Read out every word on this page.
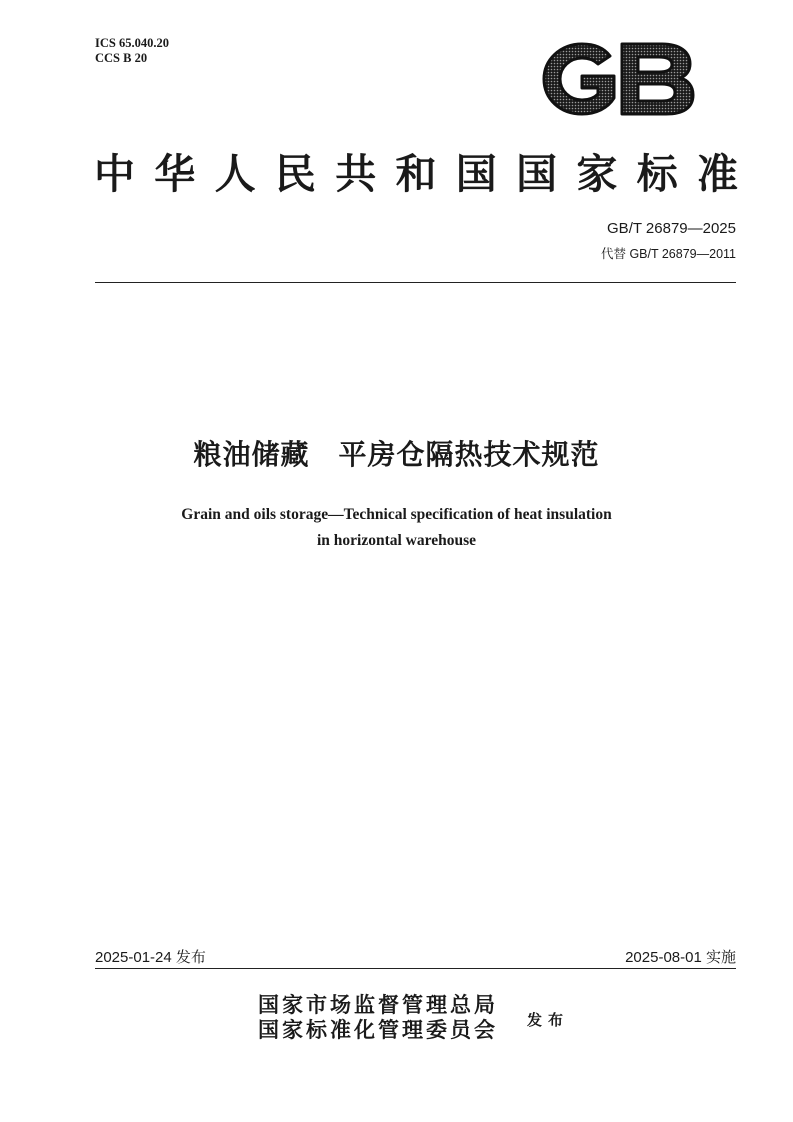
ICS 65.040.20
CCS B 20
中华人民共和国国家标准
GB/T 26879—2025
代替 GB/T 26879—2011
粮油储藏　平房仓隔热技术规范
Grain and oils storage—Technical specification of heat insulation
in horizontal warehouse
2025-01-24 发布	2025-08-01 实施
国家市场监督管理总局
国家标准化管理委员会 发布
